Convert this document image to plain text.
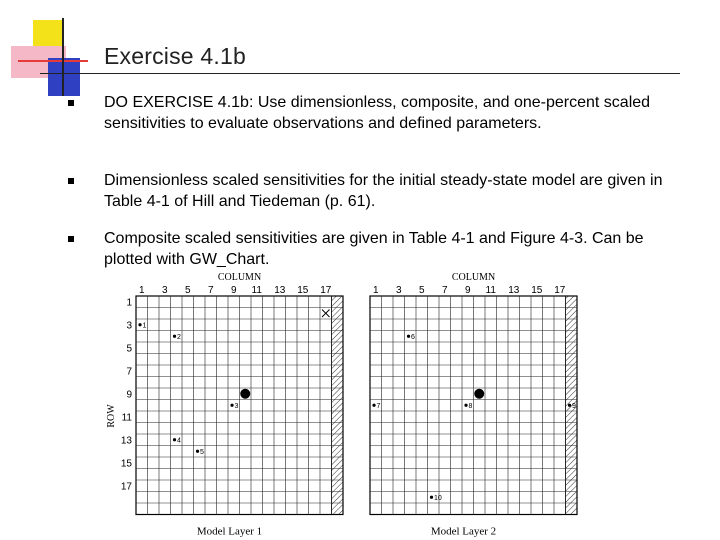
Exercise 4.1b
DO EXERCISE 4.1b: Use dimensionless, composite, and one-percent scaled sensitivities to evaluate observations and defined parameters.
Dimensionless scaled sensitivities for the initial steady-state model are given in Table 4-1 of Hill and Tiedeman (p. 61).
Composite scaled sensitivities are given in Table 4-1 and Figure 4-3. Can be plotted with GW_Chart.
COLUMN
1 3 5 7 9 11 13 15 17
1
3
5
7
9
11
13
15
17
ROW
1
2
3
4
5
Model Layer 1
COLUMN
1 3 5 7 9 11 13 15 17
6
7	8	9
10
Model Layer 2
